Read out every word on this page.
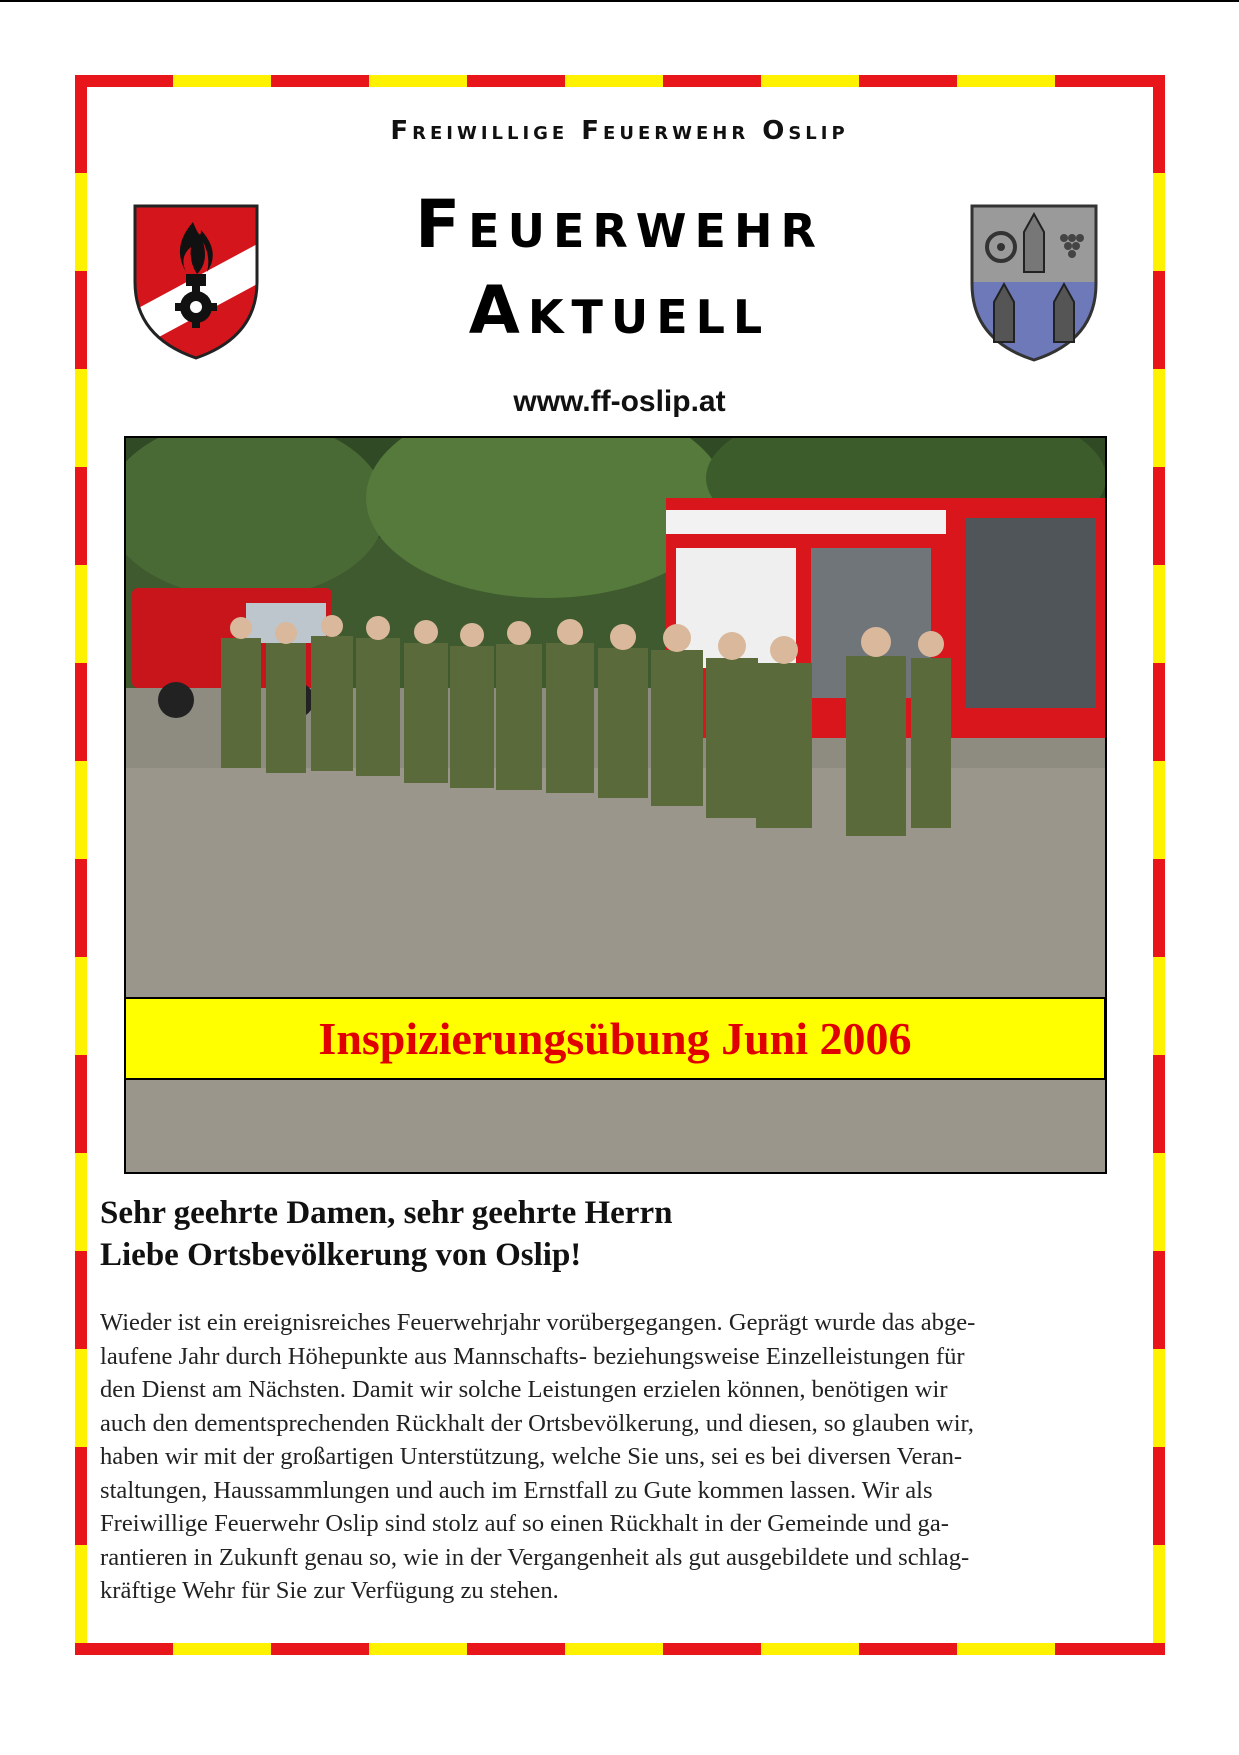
Freiwillige Feuerwehr Oslip
Feuerwehr
Aktuell
www.ff-oslip.at
Inspizierungsübung Juni 2006
Sehr geehrte Damen, sehr geehrte Herrn
Liebe Ortsbevölkerung von Oslip!
Wieder ist ein ereignisreiches Feuerwehrjahr vorübergegangen. Geprägt wurde das abge-
laufene Jahr durch Höhepunkte aus Mannschafts- beziehungsweise Einzelleistungen für
den Dienst am Nächsten. Damit wir solche Leistungen erzielen können, benötigen wir
auch den dementsprechenden Rückhalt der Ortsbevölkerung, und diesen, so glauben wir,
haben wir mit der großartigen Unterstützung, welche Sie uns, sei es bei diversen Veran-
staltungen, Haussammlungen und auch im Ernstfall zu Gute kommen lassen. Wir als
Freiwillige Feuerwehr Oslip sind stolz auf so einen Rückhalt in der Gemeinde und ga-
rantieren in Zukunft genau so, wie in der Vergangenheit als gut ausgebildete und schlag-
kräftige Wehr für Sie zur Verfügung zu stehen.
